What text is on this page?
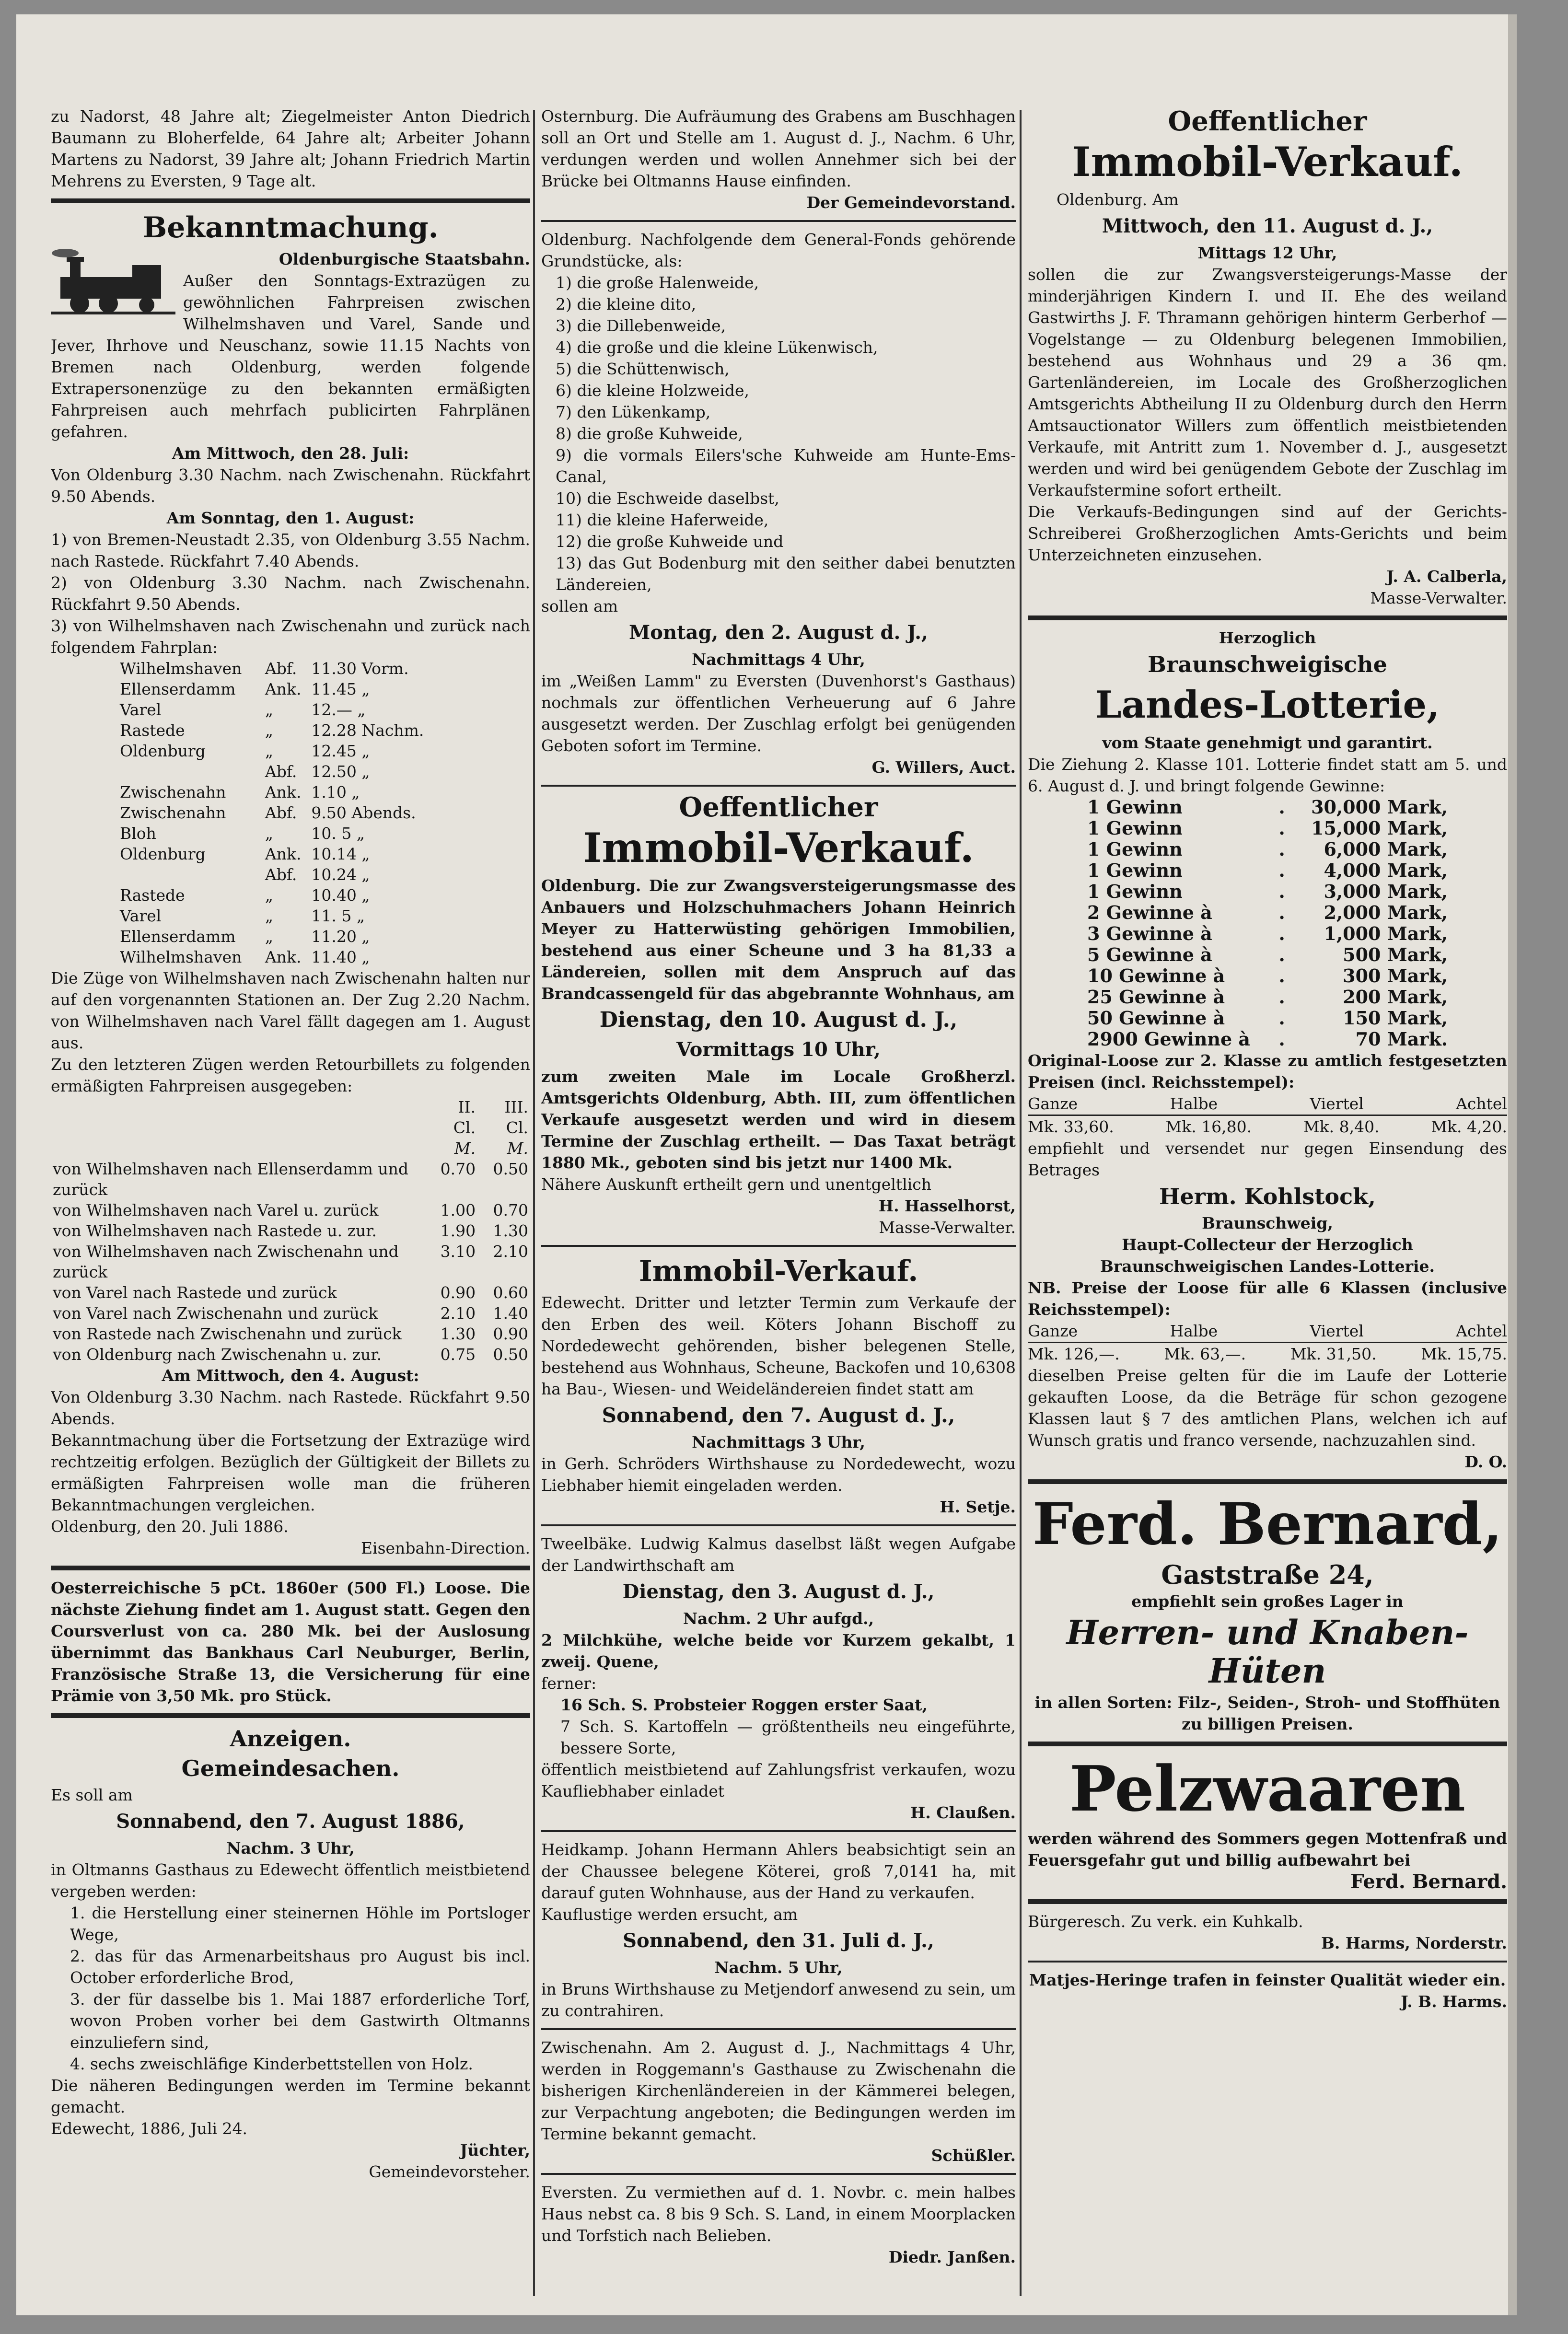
zu Nadorst, 48 Jahre alt; Ziegelmeister Anton Diedrich Baumann zu Bloherfelde, 64 Jahre alt; Arbeiter Johann Martens zu Nadorst, 39 Jahre alt; Johann Friedrich Martin Mehrens zu Eversten, 9 Tage alt.

Bekanntmachung.
Oldenburgische Staatsbahn.

Außer den Sonntags-Extrazügen zu gewöhnlichen Fahrpreisen zwischen Wilhelmshaven und Varel, Sande und Jever, Ihrhove und Neuschanz, sowie 11.15 Nachts von Bremen nach Oldenburg, werden folgende Extrapersonenzüge zu den bekannten ermäßigten Fahrpreisen auch mehrfach publicirten Fahrplänen gefahren.

Am Mittwoch, den 28. Juli:

Von Oldenburg 3.30 Nachm. nach Zwischenahn. Rückfahrt 9.50 Abends.

Am Sonntag, den 1. August:

1) von Bremen-Neustadt 2.35, von Oldenburg 3.55 Nachm. nach Rastede. Rückfahrt 7.40 Abends.

2) von Oldenburg 3.30 Nachm. nach Zwischenahn. Rückfahrt 9.50 Abends.

3) von Wilhelmshaven nach Zwischenahn und zurück nach folgendem Fahrplan:

Wilhelmshaven	Abf.	11.30 Vorm.
Ellenserdamm	Ank.	11.45 „
Varel	„	12.— „
Rastede	„	12.28 Nachm.
Oldenburg	„	12.45 „
	Abf.	12.50 „
Zwischenahn	Ank.	1.10 „
Zwischenahn	Abf.	9.50 Abends.
Bloh	„	10. 5 „
Oldenburg	Ank.	10.14 „
	Abf.	10.24 „
Rastede	„	10.40 „
Varel	„	11. 5 „
Ellenserdamm	„	11.20 „
Wilhelmshaven	Ank.	11.40 „

Die Züge von Wilhelmshaven nach Zwischenahn halten nur auf den vorgenannten Stationen an. Der Zug 2.20 Nachm. von Wilhelmshaven nach Varel fällt dagegen am 1. August aus.

Zu den letzteren Zügen werden Retourbillets zu folgenden ermäßigten Fahrpreisen ausgegeben:

	II. Cl.	III. Cl.
	M.	M.
von Wilhelmshaven nach Ellenserdamm und zurück	0.70	0.50
von Wilhelmshaven nach Varel u. zurück	1.00	0.70
von Wilhelmshaven nach Rastede u. zur.	1.90	1.30
von Wilhelmshaven nach Zwischenahn und zurück	3.10	2.10
von Varel nach Rastede und zurück	0.90	0.60
von Varel nach Zwischenahn und zurück	2.10	1.40
von Rastede nach Zwischenahn und zurück	1.30	0.90
von Oldenburg nach Zwischenahn u. zur.	0.75	0.50
Am Mittwoch, den 4. August:

Von Oldenburg 3.30 Nachm. nach Rastede. Rückfahrt 9.50 Abends.

Bekanntmachung über die Fortsetzung der Extrazüge wird rechtzeitig erfolgen. Bezüglich der Gültigkeit der Billets zu ermäßigten Fahrpreisen wolle man die früheren Bekanntmachungen vergleichen.

Oldenburg, den 20. Juli 1886.

Eisenbahn-Direction.

Oesterreichische 5 pCt. 1860er (500 Fl.) Loose. Die nächste Ziehung findet am 1. August statt. Gegen den Coursverlust von ca. 280 Mk. bei der Auslosung übernimmt das Bankhaus Carl Neuburger, Berlin, Französische Straße 13, die Versicherung für eine Prämie von 3,50 Mk. pro Stück.

Anzeigen.
Gemeindesachen.

Es soll am

Sonnabend, den 7. August 1886,
Nachm. 3 Uhr,

in Oltmanns Gasthaus zu Edewecht öffentlich meistbietend vergeben werden:

1. die Herstellung einer steinernen Höhle im Portsloger Wege,

2. das für das Armenarbeitshaus pro August bis incl. October erforderliche Brod,

3. der für dasselbe bis 1. Mai 1887 erforderliche Torf, wovon Proben vorher bei dem Gastwirth Oltmanns einzuliefern sind,

4. sechs zweischläfige Kinderbettstellen von Holz.

Die näheren Bedingungen werden im Termine bekannt gemacht.

Edewecht, 1886, Juli 24.

Jüchter,

Gemeindevorsteher.

Osternburg. Die Aufräumung des Grabens am Buschhagen soll an Ort und Stelle am 1. August d. J., Nachm. 6 Uhr, verdungen werden und wollen Annehmer sich bei der Brücke bei Oltmanns Hause einfinden.

Der Gemeindevorstand.

Oldenburg. Nachfolgende dem General-Fonds gehörende Grundstücke, als:

1) die große Halenweide,

2) die kleine dito,

3) die Dillebenweide,

4) die große und die kleine Lükenwisch,

5) die Schüttenwisch,

6) die kleine Holzweide,

7) den Lükenkamp,

8) die große Kuhweide,

9) die vormals Eilers'sche Kuhweide am Hunte-Ems-Canal,

10) die Eschweide daselbst,

11) die kleine Haferweide,

12) die große Kuhweide und

13) das Gut Bodenburg mit den seither dabei benutzten Ländereien,

sollen am

Montag, den 2. August d. J.,
Nachmittags 4 Uhr,

im „Weißen Lamm" zu Eversten (Duvenhorst's Gasthaus) nochmals zur öffentlichen Verheuerung auf 6 Jahre ausgesetzt werden. Der Zuschlag erfolgt bei genügenden Geboten sofort im Termine.

G. Willers, Auct.

Oeffentlicher
Immobil-Verkauf.

Oldenburg. Die zur Zwangsversteigerungsmasse des Anbauers und Holzschuhmachers Johann Heinrich Meyer zu Hatterwüsting gehörigen Immobilien, bestehend aus einer Scheune und 3 ha 81,33 a Ländereien, sollen mit dem Anspruch auf das Brandcassengeld für das abgebrannte Wohnhaus, am

Dienstag, den 10. August d. J.,
Vormittags 10 Uhr,

zum zweiten Male im Locale Großherzl. Amtsgerichts Oldenburg, Abth. III, zum öffentlichen Verkaufe ausgesetzt werden und wird in diesem Termine der Zuschlag ertheilt. — Das Taxat beträgt 1880 Mk., geboten sind bis jetzt nur 1400 Mk.

Nähere Auskunft ertheilt gern und unentgeltlich

H. Hasselhorst,

Masse-Verwalter.

Immobil-Verkauf.

Edewecht. Dritter und letzter Termin zum Verkaufe der den Erben des weil. Köters Johann Bischoff zu Nordedewecht gehörenden, bisher belegenen Stelle, bestehend aus Wohnhaus, Scheune, Backofen und 10,6308 ha Bau-, Wiesen- und Weideländereien findet statt am

Sonnabend, den 7. August d. J.,
Nachmittags 3 Uhr,

in Gerh. Schröders Wirthshause zu Nordedewecht, wozu Liebhaber hiemit eingeladen werden.

H. Setje.

Tweelbäke. Ludwig Kalmus daselbst läßt wegen Aufgabe der Landwirthschaft am

Dienstag, den 3. August d. J.,
Nachm. 2 Uhr aufgd.,

2 Milchkühe, welche beide vor Kurzem gekalbt, 1 zweij. Quene,

ferner:

16 Sch. S. Probsteier Roggen erster Saat,

7 Sch. S. Kartoffeln — größtentheils neu eingeführte, bessere Sorte,

öffentlich meistbietend auf Zahlungsfrist verkaufen, wozu Kaufliebhaber einladet

H. Claußen.

Heidkamp. Johann Hermann Ahlers beabsichtigt sein an der Chaussee belegene Köterei, groß 7,0141 ha, mit darauf guten Wohnhause, aus der Hand zu verkaufen.

Kauflustige werden ersucht, am

Sonnabend, den 31. Juli d. J.,
Nachm. 5 Uhr,

in Bruns Wirthshause zu Metjendorf anwesend zu sein, um zu contrahiren.

Zwischenahn. Am 2. August d. J., Nachmittags 4 Uhr, werden in Roggemann's Gasthause zu Zwischenahn die bisherigen Kirchenländereien in der Kämmerei belegen, zur Verpachtung angeboten; die Bedingungen werden im Termine bekannt gemacht.

Schüßler.

Eversten. Zu vermiethen auf d. 1. Novbr. c. mein halbes Haus nebst ca. 8 bis 9 Sch. S. Land, in einem Moorplacken und Torfstich nach Belieben.

Diedr. Janßen.

Oeffentlicher
Immobil-Verkauf.

Oldenburg. Am

Mittwoch, den 11. August d. J.,
Mittags 12 Uhr,

sollen die zur Zwangsversteigerungs-Masse der minderjährigen Kindern I. und II. Ehe des weiland Gastwirths J. F. Thramann gehörigen hinterm Gerberhof — Vogelstange — zu Oldenburg belegenen Immobilien, bestehend aus Wohnhaus und 29 a 36 qm. Gartenländereien, im Locale des Großherzoglichen Amtsgerichts Abtheilung II zu Oldenburg durch den Herrn Amtsauctionator Willers zum öffentlich meistbietenden Verkaufe, mit Antritt zum 1. November d. J., ausgesetzt werden und wird bei genügendem Gebote der Zuschlag im Verkaufstermine sofort ertheilt.

Die Verkaufs-Bedingungen sind auf der Gerichts-Schreiberei Großherzoglichen Amts-Gerichts und beim Unterzeichneten einzusehen.

J. A. Calberla,

Masse-Verwalter.

Herzoglich
Braunschweigische
Landes-Lotterie,

vom Staate genehmigt und garantirt.

Die Ziehung 2. Klasse 101. Lotterie findet statt am 5. und 6. August d. J. und bringt folgende Gewinne:

1 Gewinn	.	30,000 Mark,
1 Gewinn	.	15,000 Mark,
1 Gewinn	.	6,000 Mark,
1 Gewinn	.	4,000 Mark,
1 Gewinn	.	3,000 Mark,
2 Gewinne à	.	2,000 Mark,
3 Gewinne à	.	1,000 Mark,
5 Gewinne à	.	500 Mark,
10 Gewinne à	.	300 Mark,
25 Gewinne à	.	200 Mark,
50 Gewinne à	.	150 Mark,
2900 Gewinne à	.	70 Mark.

Original-Loose zur 2. Klasse zu amtlich festgesetzten Preisen (incl. Reichsstempel):

Ganze	Halbe	Viertel	Achtel
Mk. 33,60.	Mk. 16,80.	Mk. 8,40.	Mk. 4,20.

empfiehlt und versendet nur gegen Einsendung des Betrages

Herm. Kohlstock,
Braunschweig,

Haupt-Collecteur der Herzoglich Braunschweigischen Landes-Lotterie.

NB. Preise der Loose für alle 6 Klassen (inclusive Reichsstempel):

Ganze	Halbe	Viertel	Achtel
Mk. 126,—.	Mk. 63,—.	Mk. 31,50.	Mk. 15,75.

dieselben Preise gelten für die im Laufe der Lotterie gekauften Loose, da die Beträge für schon gezogene Klassen laut § 7 des amtlichen Plans, welchen ich auf Wunsch gratis und franco versende, nachzuzahlen sind.

D. O.

Ferd. Bernard,
Gaststraße 24,

empfiehlt sein großes Lager in

Herren- und Knaben-
Hüten

in allen Sorten: Filz-, Seiden-, Stroh- und Stoffhüten zu billigen Preisen.

Pelzwaaren

werden während des Sommers gegen Mottenfraß und Feuersgefahr gut und billig aufbewahrt bei

Ferd. Bernard.

Bürgeresch. Zu verk. ein Kuhkalb.

B. Harms, Norderstr.

Matjes-Heringe trafen in feinster Qualität wieder ein.

J. B. Harms.
